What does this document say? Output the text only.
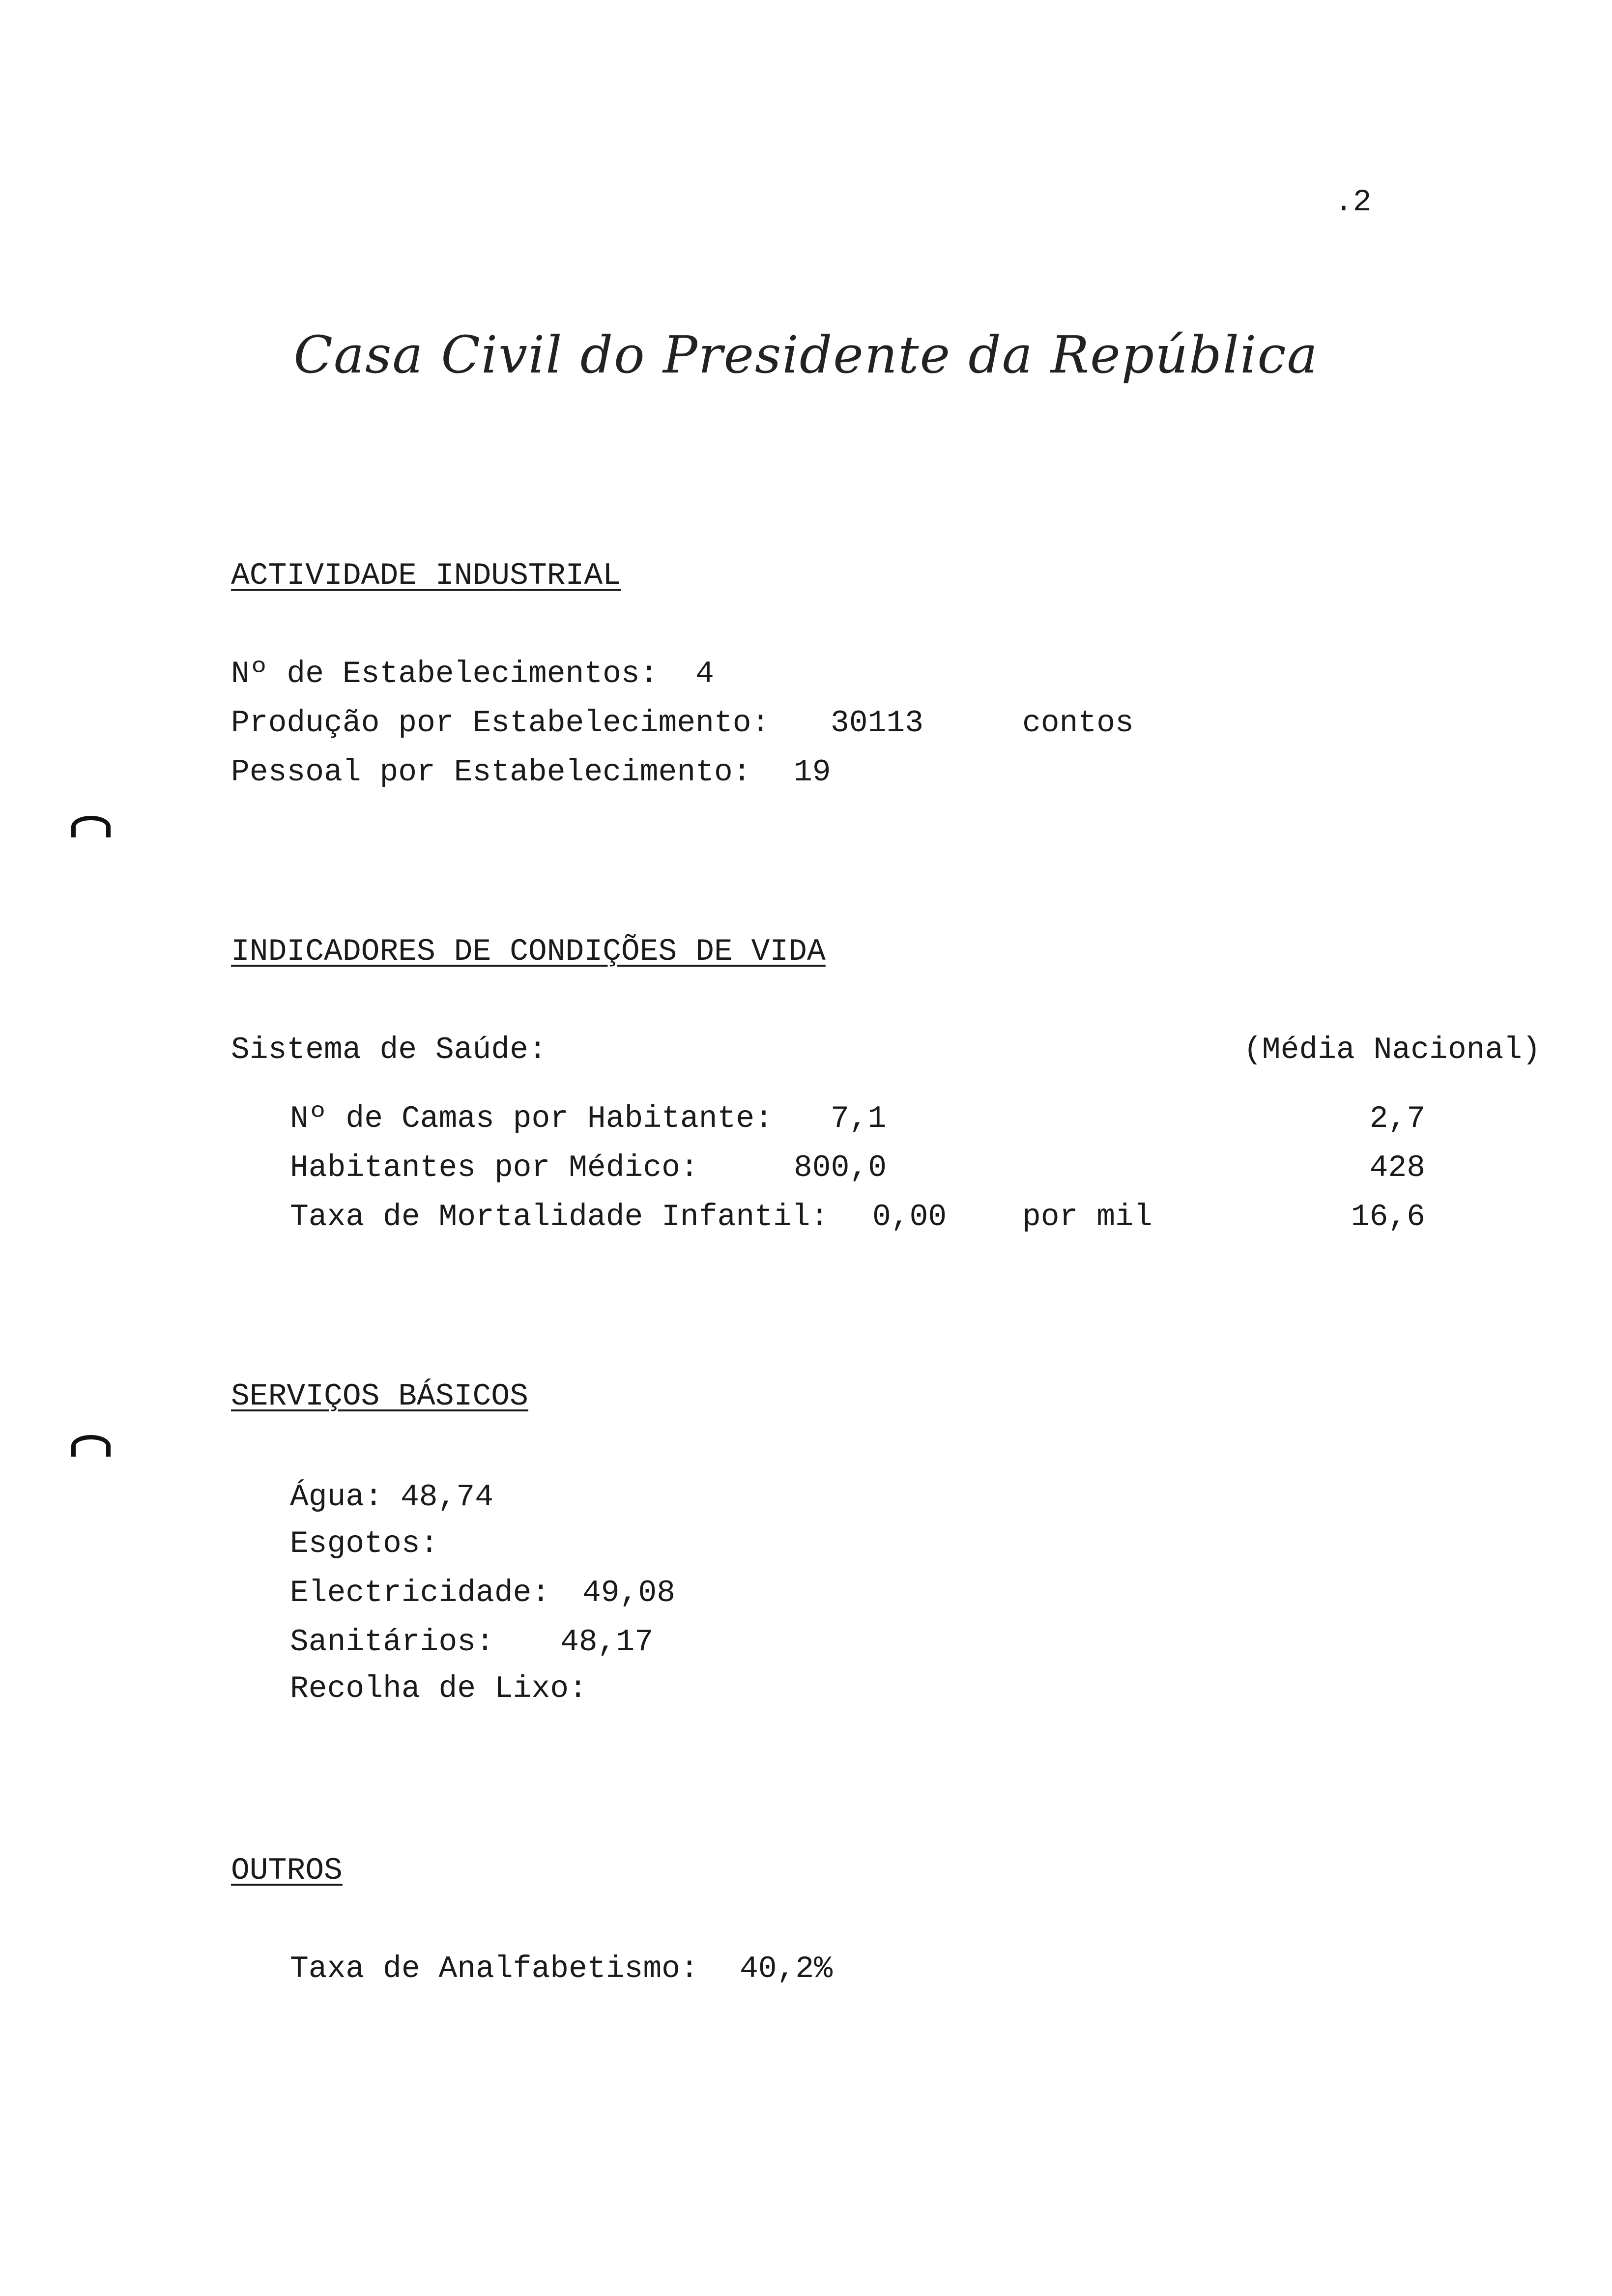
.2
Casa Civil do Presidente da República
ACTIVIDADE INDUSTRIAL
Nº de Estabelecimentos: 4
Produção por Estabelecimento: 30113	contos
Pessoal por Estabelecimento: 19
INDICADORES DE CONDIÇÕES DE VIDA
Sistema de Saúde:	(Média Nacional)
Nº de Camas por Habitante: 7,1	2,7
Habitantes por Médico:	800,0	428
Taxa de Mortalidade Infantil: 0,00 por mil	16,6
SERVIÇOS BÁSICOS
Água: 48,74
Esgotos:
Electricidade: 49,08
Sanitários: 48,17
Recolha de Lixo:
OUTROS
Taxa de Analfabetismo: 40,2%
